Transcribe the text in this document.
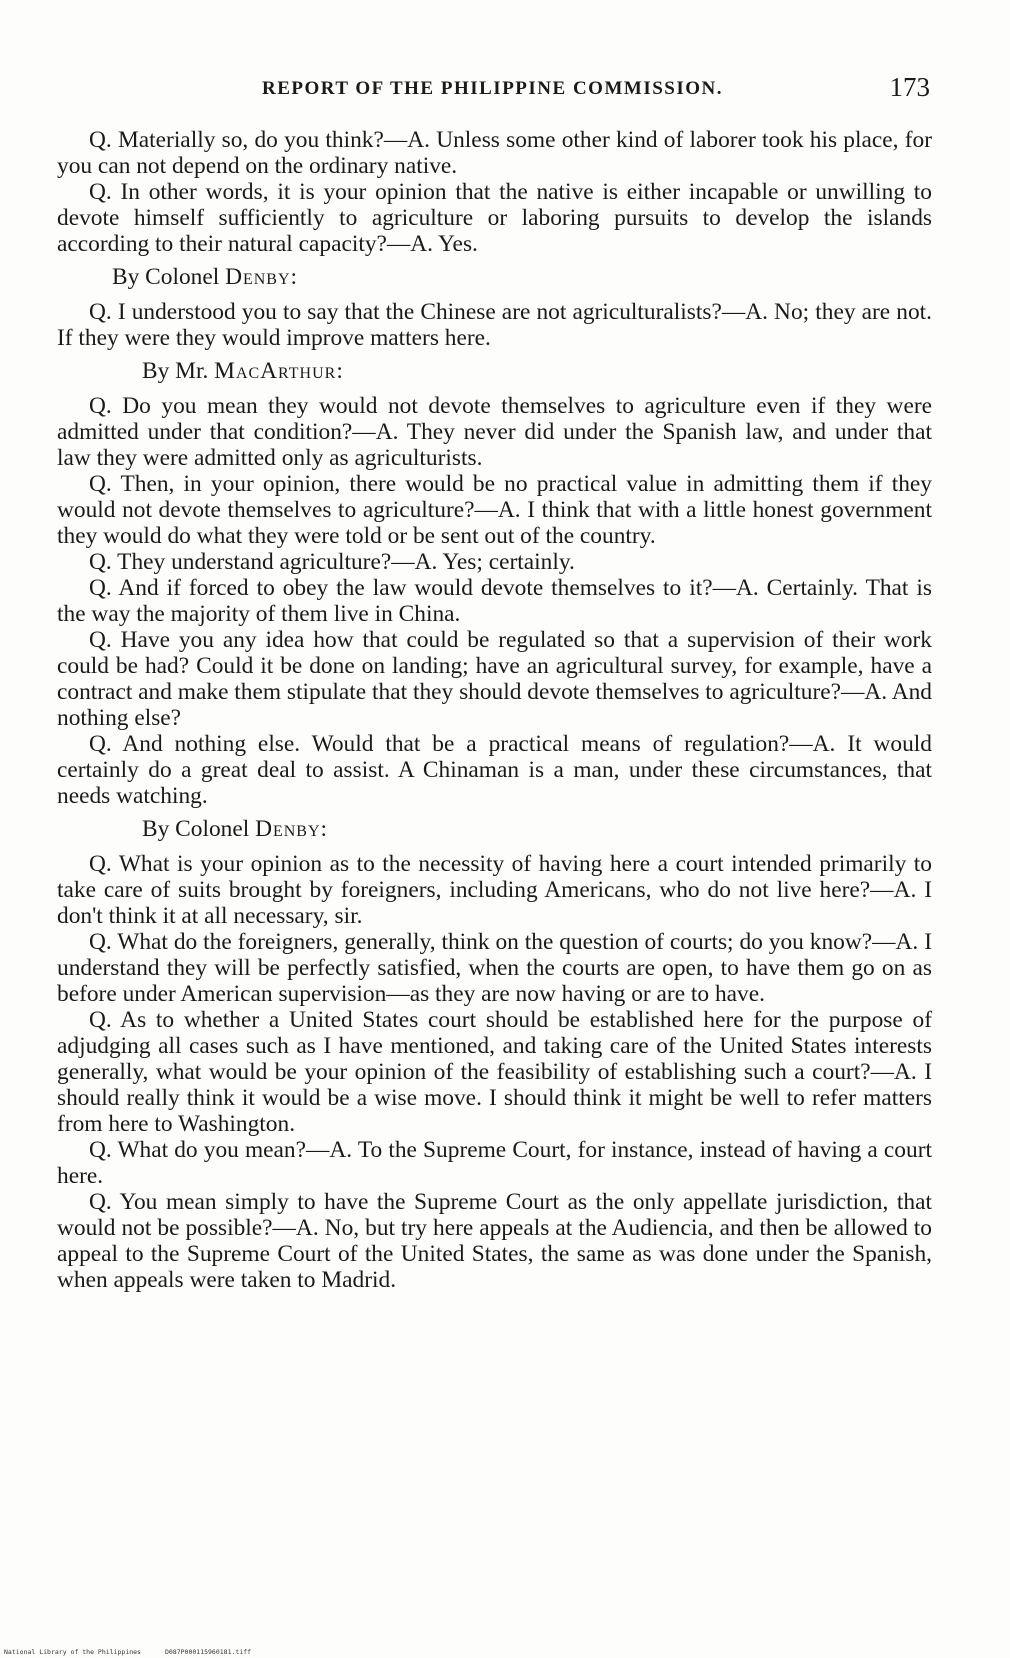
REPORT OF THE PHILIPPINE COMMISSION.	173

Q. Materially so, do you think?—A. Unless some other kind of laborer took his place, for you can not depend on the ordinary native.

Q. In other words, it is your opinion that the native is either incapable or unwilling to devote himself sufficiently to agriculture or laboring pursuits to develop the islands according to their natural capacity?—A. Yes.

By Colonel Denby:

Q. I understood you to say that the Chinese are not agriculturalists?—A. No; they are not. If they were they would improve matters here.

By Mr. MacArthur:

Q. Do you mean they would not devote themselves to agriculture even if they were admitted under that condition?—A. They never did under the Spanish law, and under that law they were admitted only as agriculturists.

Q. Then, in your opinion, there would be no practical value in admitting them if they would not devote themselves to agriculture?—A. I think that with a little honest government they would do what they were told or be sent out of the country.

Q. They understand agriculture?—A. Yes; certainly.

Q. And if forced to obey the law would devote themselves to it?—A. Certainly. That is the way the majority of them live in China.

Q. Have you any idea how that could be regulated so that a supervision of their work could be had? Could it be done on landing; have an agricultural survey, for example, have a contract and make them stipulate that they should devote themselves to agriculture?—A. And nothing else?

Q. And nothing else. Would that be a practical means of regulation?—A. It would certainly do a great deal to assist. A Chinaman is a man, under these circumstances, that needs watching.

By Colonel Denby:

Q. What is your opinion as to the necessity of having here a court intended primarily to take care of suits brought by foreigners, including Americans, who do not live here?—A. I don't think it at all necessary, sir.

Q. What do the foreigners, generally, think on the question of courts; do you know?—A. I understand they will be perfectly satisfied, when the courts are open, to have them go on as before under American supervision—as they are now having or are to have.

Q. As to whether a United States court should be established here for the purpose of adjudging all cases such as I have mentioned, and taking care of the United States interests generally, what would be your opinion of the feasibility of establishing such a court?—A. I should really think it would be a wise move. I should think it might be well to refer matters from here to Washington.

Q. What do you mean?—A. To the Supreme Court, for instance, instead of having a court here.

Q. You mean simply to have the Supreme Court as the only appellate jurisdiction, that would not be possible?—A. No, but try here appeals at the Audiencia, and then be allowed to appeal to the Supreme Court of the United States, the same as was done under the Spanish, when appeals were taken to Madrid.

National Library of the Philippines	D087P000115960181.tiff
